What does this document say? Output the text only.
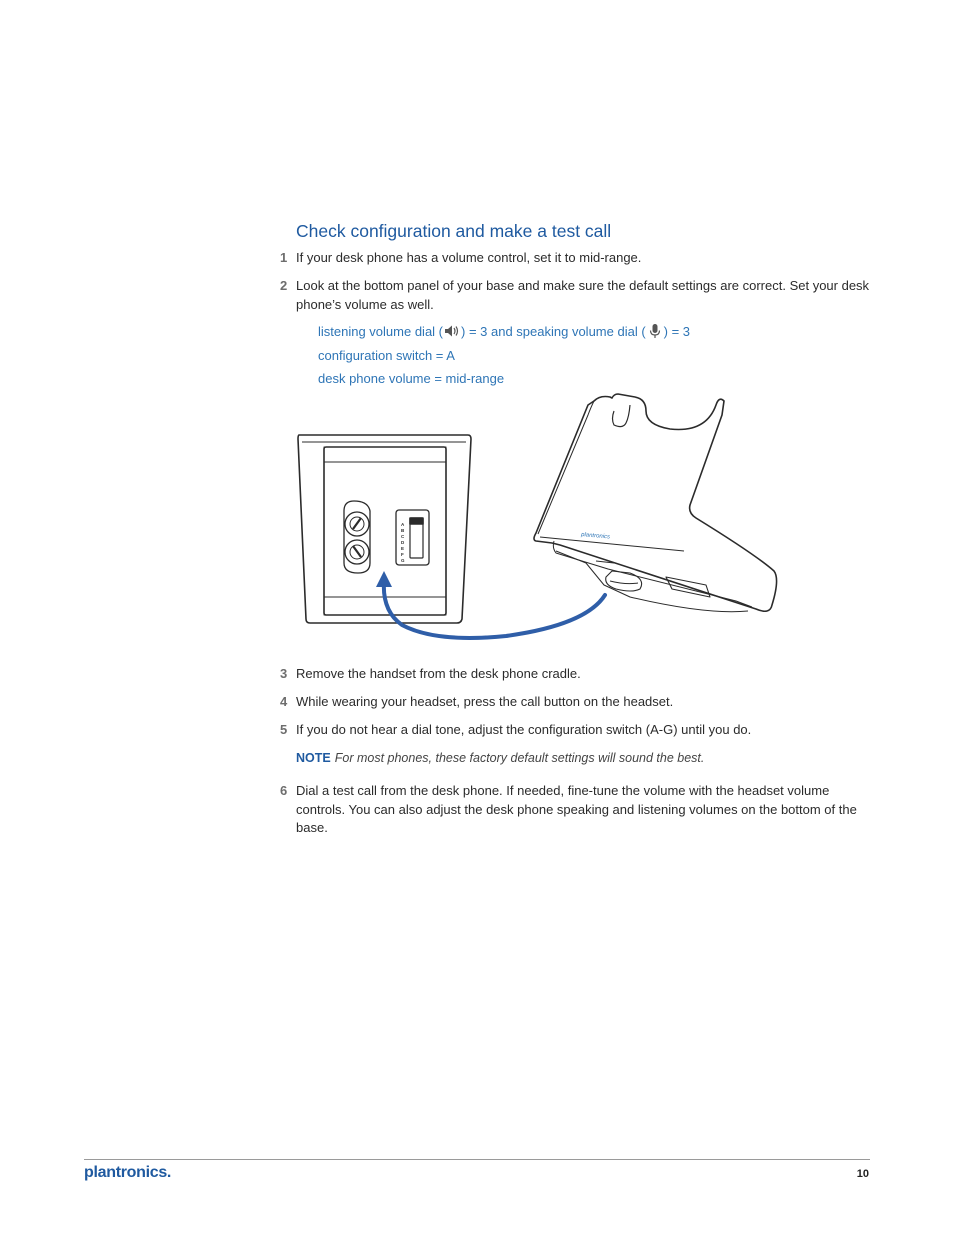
Check configuration and make a test call
1 If your desk phone has a volume control, set it to mid-range.
2 Look at the bottom panel of your base and make sure the default settings are correct. Set your desk phone’s volume as well.
listening volume dial ( ) = 3 and speaking volume dial ( ) = 3
configuration switch = A
desk phone volume = mid-range
A
B
C
D
E
F
G
plantronics
3 Remove the handset from the desk phone cradle.
4 While wearing your headset, press the call button on the headset.
5 If you do not hear a dial tone, adjust the configuration switch (A-G) until you do.
NOTE For most phones, these factory default settings will sound the best.
6 Dial a test call from the desk phone. If needed, fine-tune the volume with the headset volume controls. You can also adjust the desk phone speaking and listening volumes on the bottom of the base.
plantronics.	10
